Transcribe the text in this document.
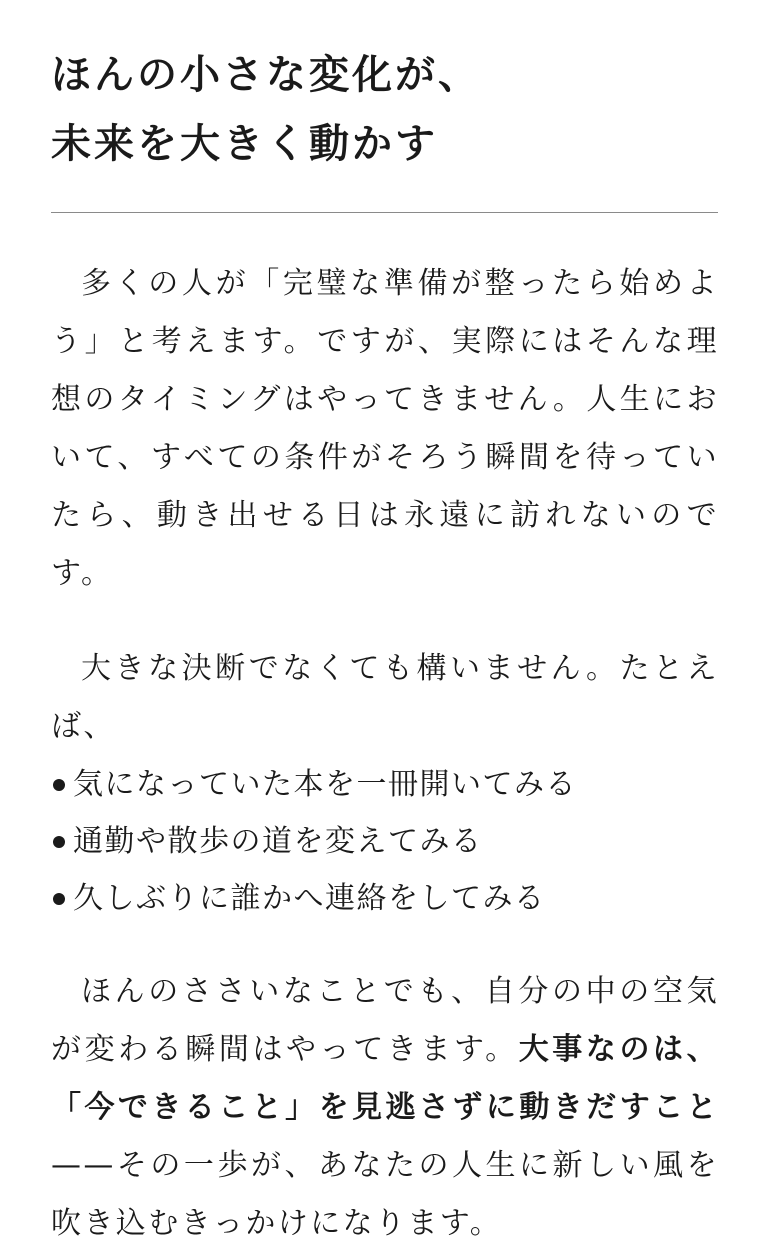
ほんの小さな変化が、
未来を大きく動かす

多くの人が「完璧な準備が整ったら始めよう」と考えます。ですが、実際にはそんな理想のタイミングはやってきません。人生において、すべての条件がそろう瞬間を待っていたら、動き出せる日は永遠に訪れないのです。

大きな決断でなくても構いません。たとえば、

気になっていた本を一冊開いてみる
通勤や散歩の道を変えてみる
久しぶりに誰かへ連絡をしてみる

ほんのささいなことでも、自分の中の空気が変わる瞬間はやってきます。大事なのは、「今できること」を見逃さずに動きだすこと——その一歩が、あなたの人生に新しい風を吹き込むきっかけになります。
